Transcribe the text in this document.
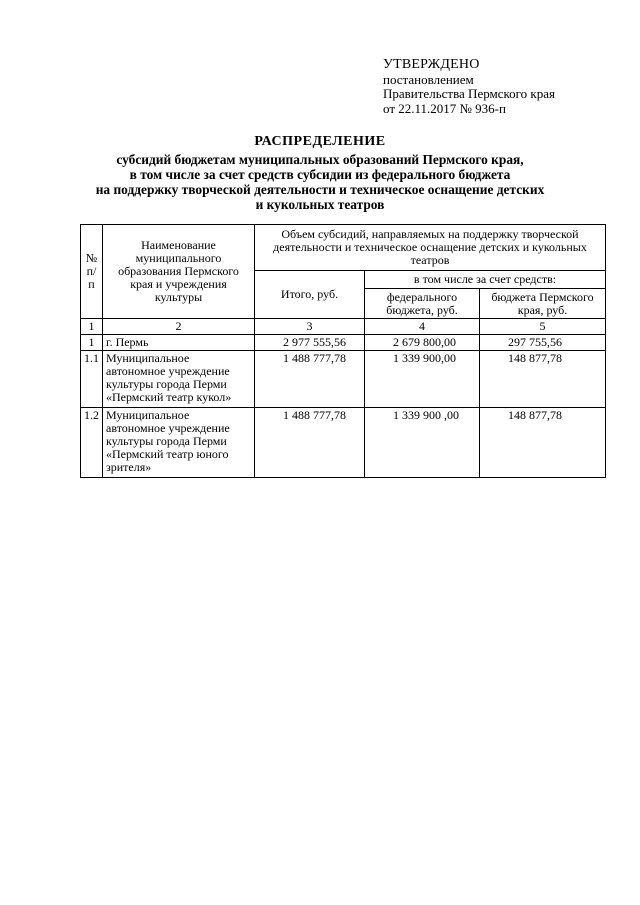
УТВЕРЖДЕНО
постановлением
Правительства Пермского края
от 22.11.2017 № 936-п
РАСПРЕДЕЛЕНИЕ
субсидий бюджетам муниципальных образований Пермского края,
в том числе за счет средств субсидии из федерального бюджета
на поддержку творческой деятельности и техническое оснащение детских
и кукольных театров
№ п/п	Наименование муниципального образования Пермского края и учреждения культуры	Объем субсидий, направляемых на поддержку творческой деятельности и техническое оснащение детских и кукольных театров		
		Итого, руб.	в том числе за счет средств:	
			федерального бюджета, руб.	бюджета Пермского края, руб.
1	2	3	4	5
1	г. Пермь	2 977 555,56	2 679 800,00	297 755,56
1.1	Муниципальное автономное учреждение культуры города Перми «Пермский театр кукол»	1 488 777,78	1 339 900,00	148 877,78
1.2	Муниципальное автономное учреждение культуры города Перми «Пермский театр юного зрителя»	1 488 777,78	1 339 900 ,00	148 877,78
